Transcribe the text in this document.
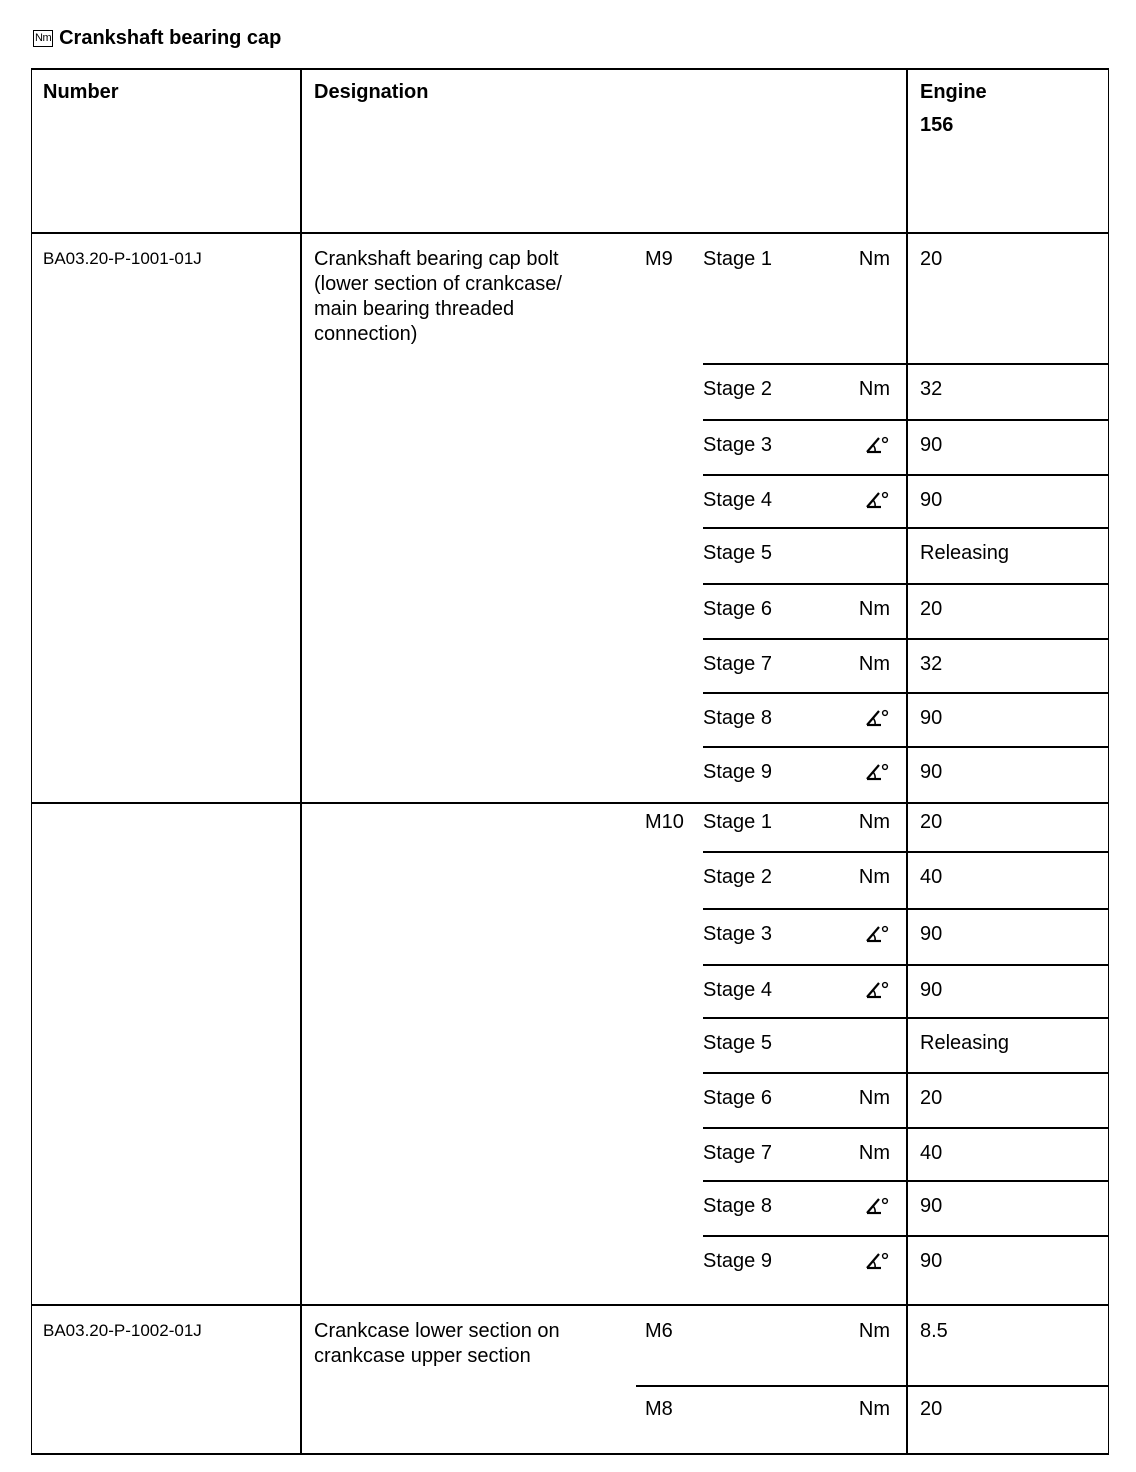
Nm Crankshaft bearing cap
Number	Designation	Engine
156
BA03.20-P-1001-01J	Crankshaft bearing cap bolt
(lower section of crankcase/
main bearing threaded
connection)
M9 Stage 1	Nm 20
Stage 2	Nm 32
Stage 3	90
Stage 4	90
Stage 5	Releasing
Stage 6	Nm 20
Stage 7	Nm 32
Stage 8	90
Stage 9	90
M10 Stage 1	Nm 20
Stage 2	Nm 40
Stage 3	90
Stage 4	90
Stage 5	Releasing
Stage 6	Nm 20
Stage 7	Nm 40
Stage 8	90
Stage 9	90
BA03.20-P-1002-01J	Crankcase lower section on
crankcase upper section
M6	Nm 8.5
M8	Nm 20
